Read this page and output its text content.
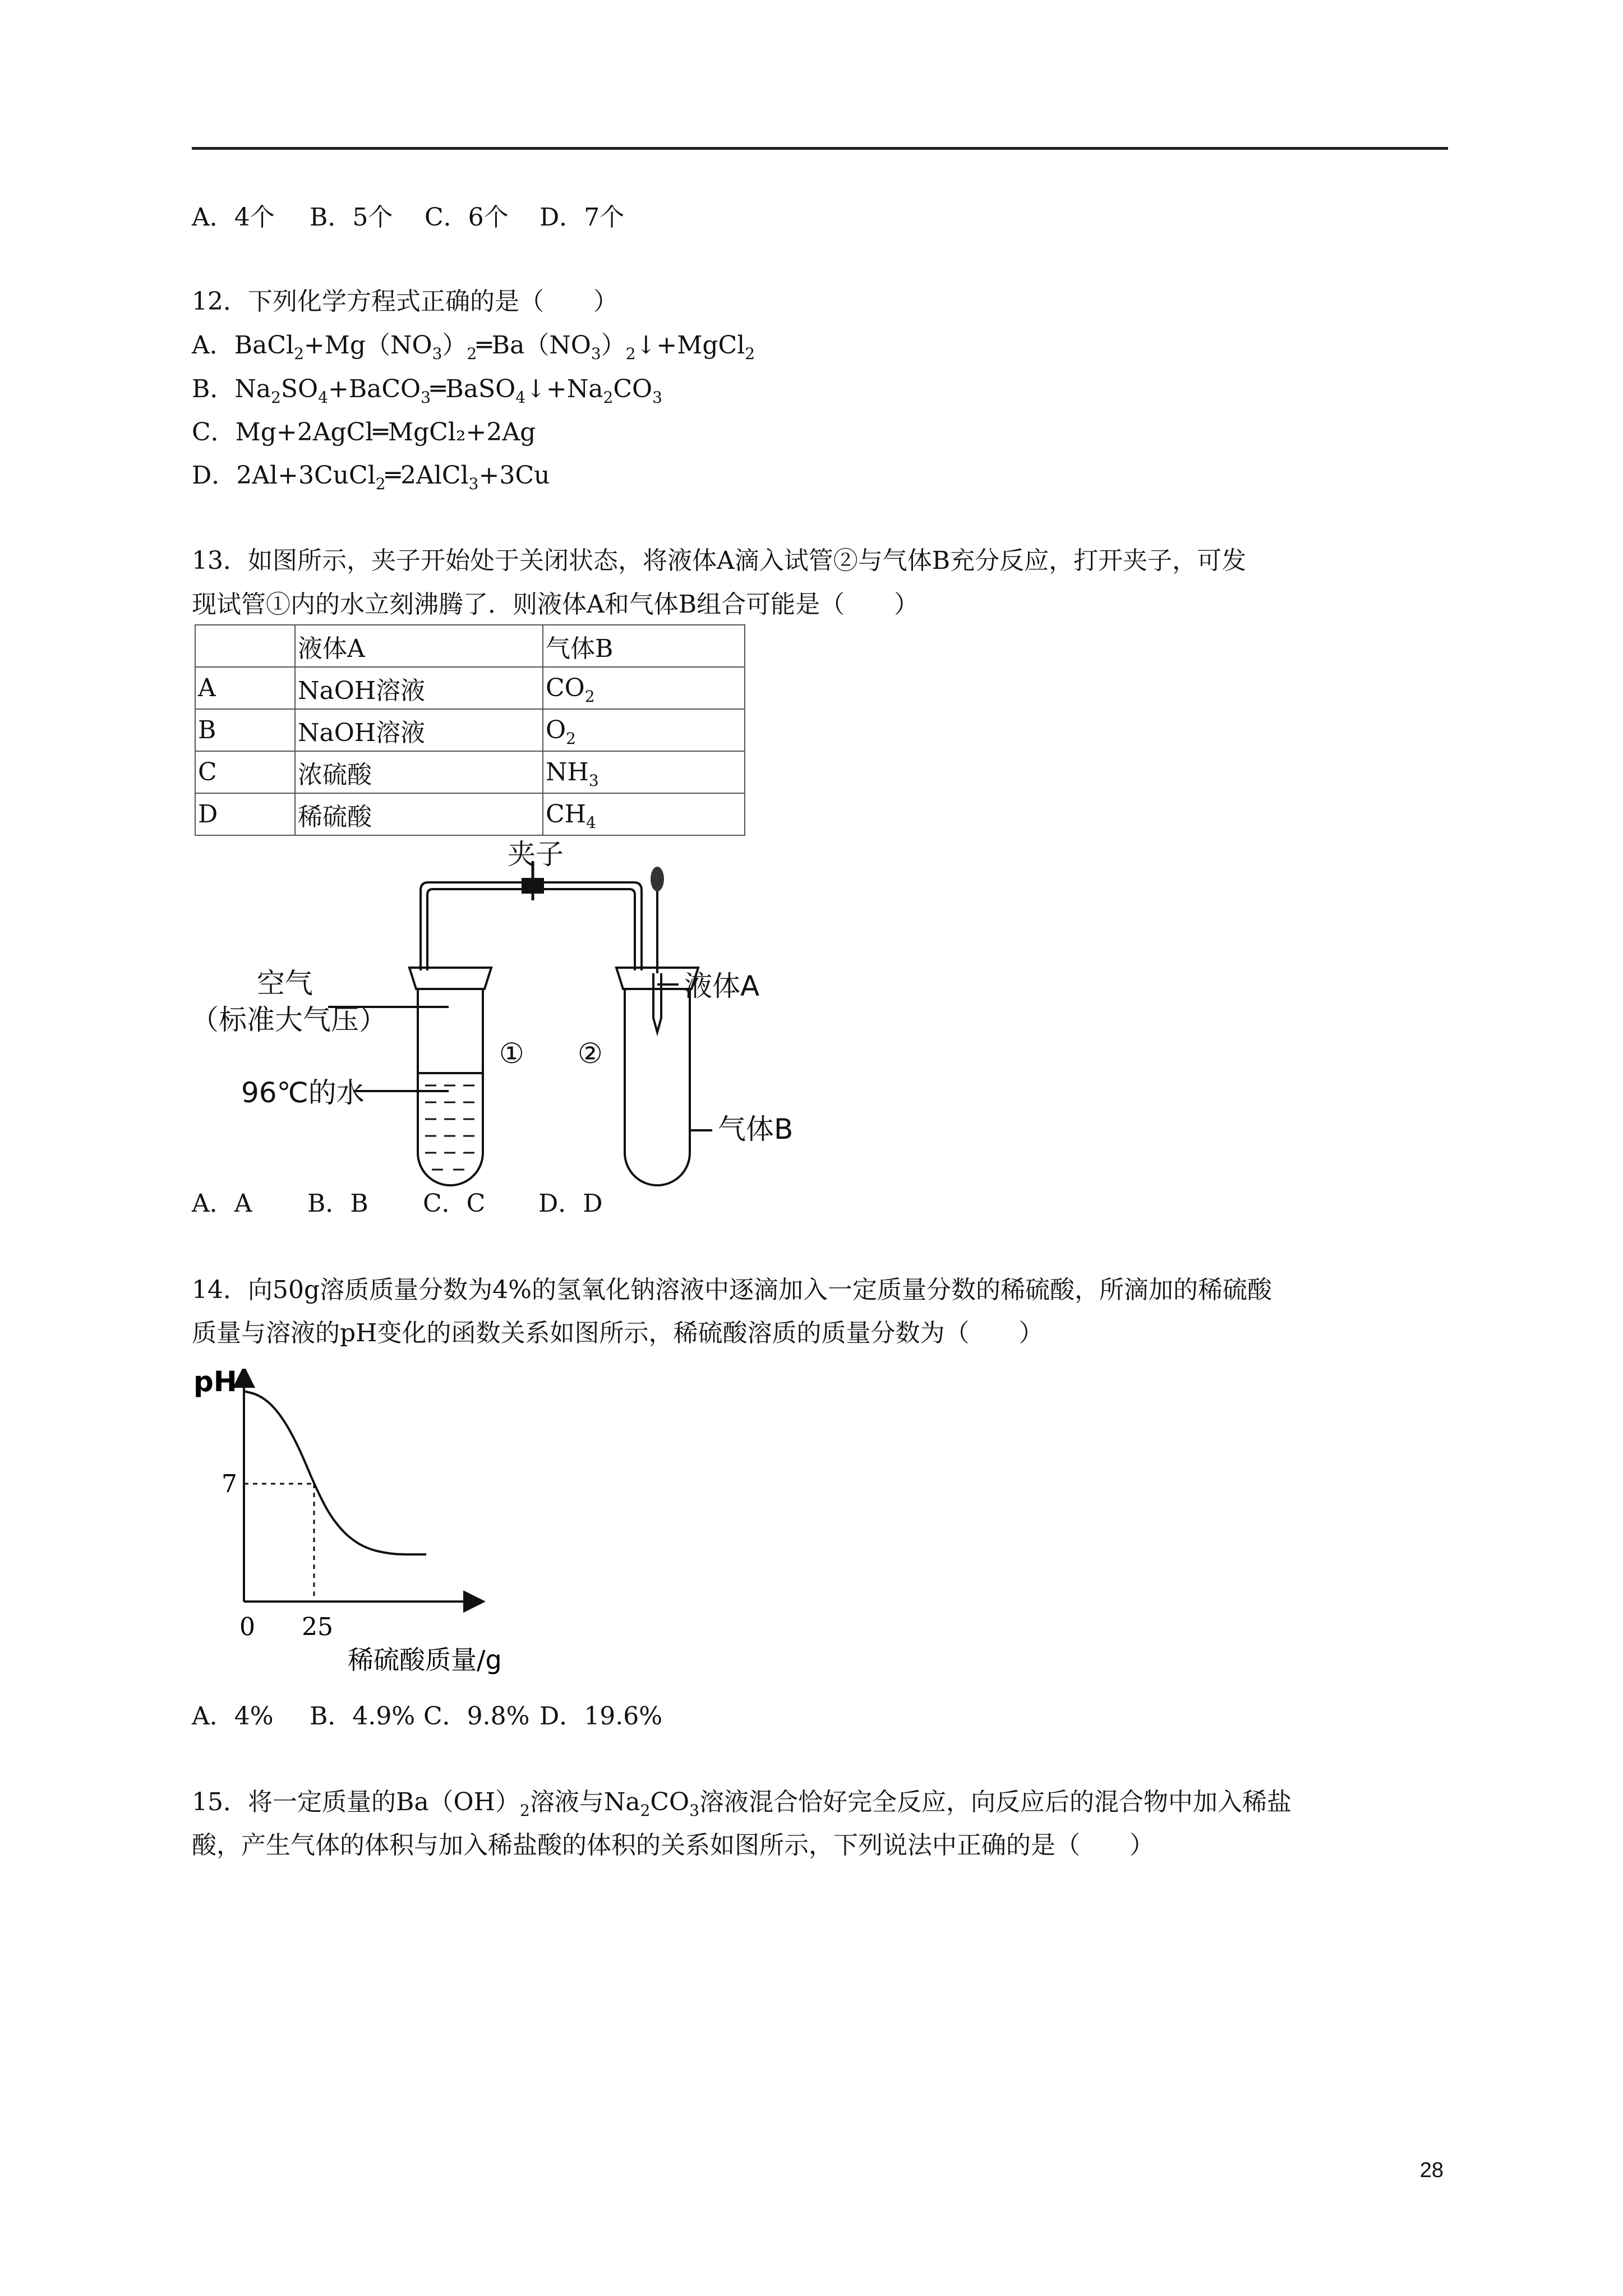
A．4个 B．5个 C．6个 D．7个
12．下列化学方程式正确的是（　　）
A．$BaCl_2+Mg(NO_3)_2═Ba(NO_3)_2↓+MgCl_2$
B．$Na_2SO_4+BaCO_3═BaSO_4↓+Na_2CO_3$
C．Mg+2AgCl═MgCl₂+2Ag
D．2Al+3CuCl$_2$═2AlCl$_3$+3Cu
13．如图所示，夹子开始处于关闭状态，将液体A滴入试管②与气体B充分反应，打开夹子，可发
现试管①内的水立刻沸腾了．则液体A和气体B组合可能是（　　）
	液体A	气体B
A	NaOH溶液	$CO_2$
B	NaOH溶液	$O_2$
C	浓硫酸	$NH_3$
D	稀硫酸	$CH_4$
夹子
空气
（标准大气压）
96℃的水
① ②
液体A
气体B
A．A B．B C．C D．D
14．向50g溶质质量分数为4%的氢氧化钠溶液中逐滴加入一定质量分数的稀硫酸，所滴加的稀硫酸
质量与溶液的pH变化的函数关系如图所示，稀硫酸溶质的质量分数为（　　）
7
0 25
pH
稀硫酸质量/g
A．4% B．4.9% C．9.8% D．19.6%
15．将一定质量的$Ba(OH)_2$溶液与$Na_2CO_3$溶液混合恰好完全反应，向反应后的混合物中加入稀盐
酸，产生气体的体积与加入稀盐酸的体积的关系如图所示，下列说法中正确的是（　　）
28
